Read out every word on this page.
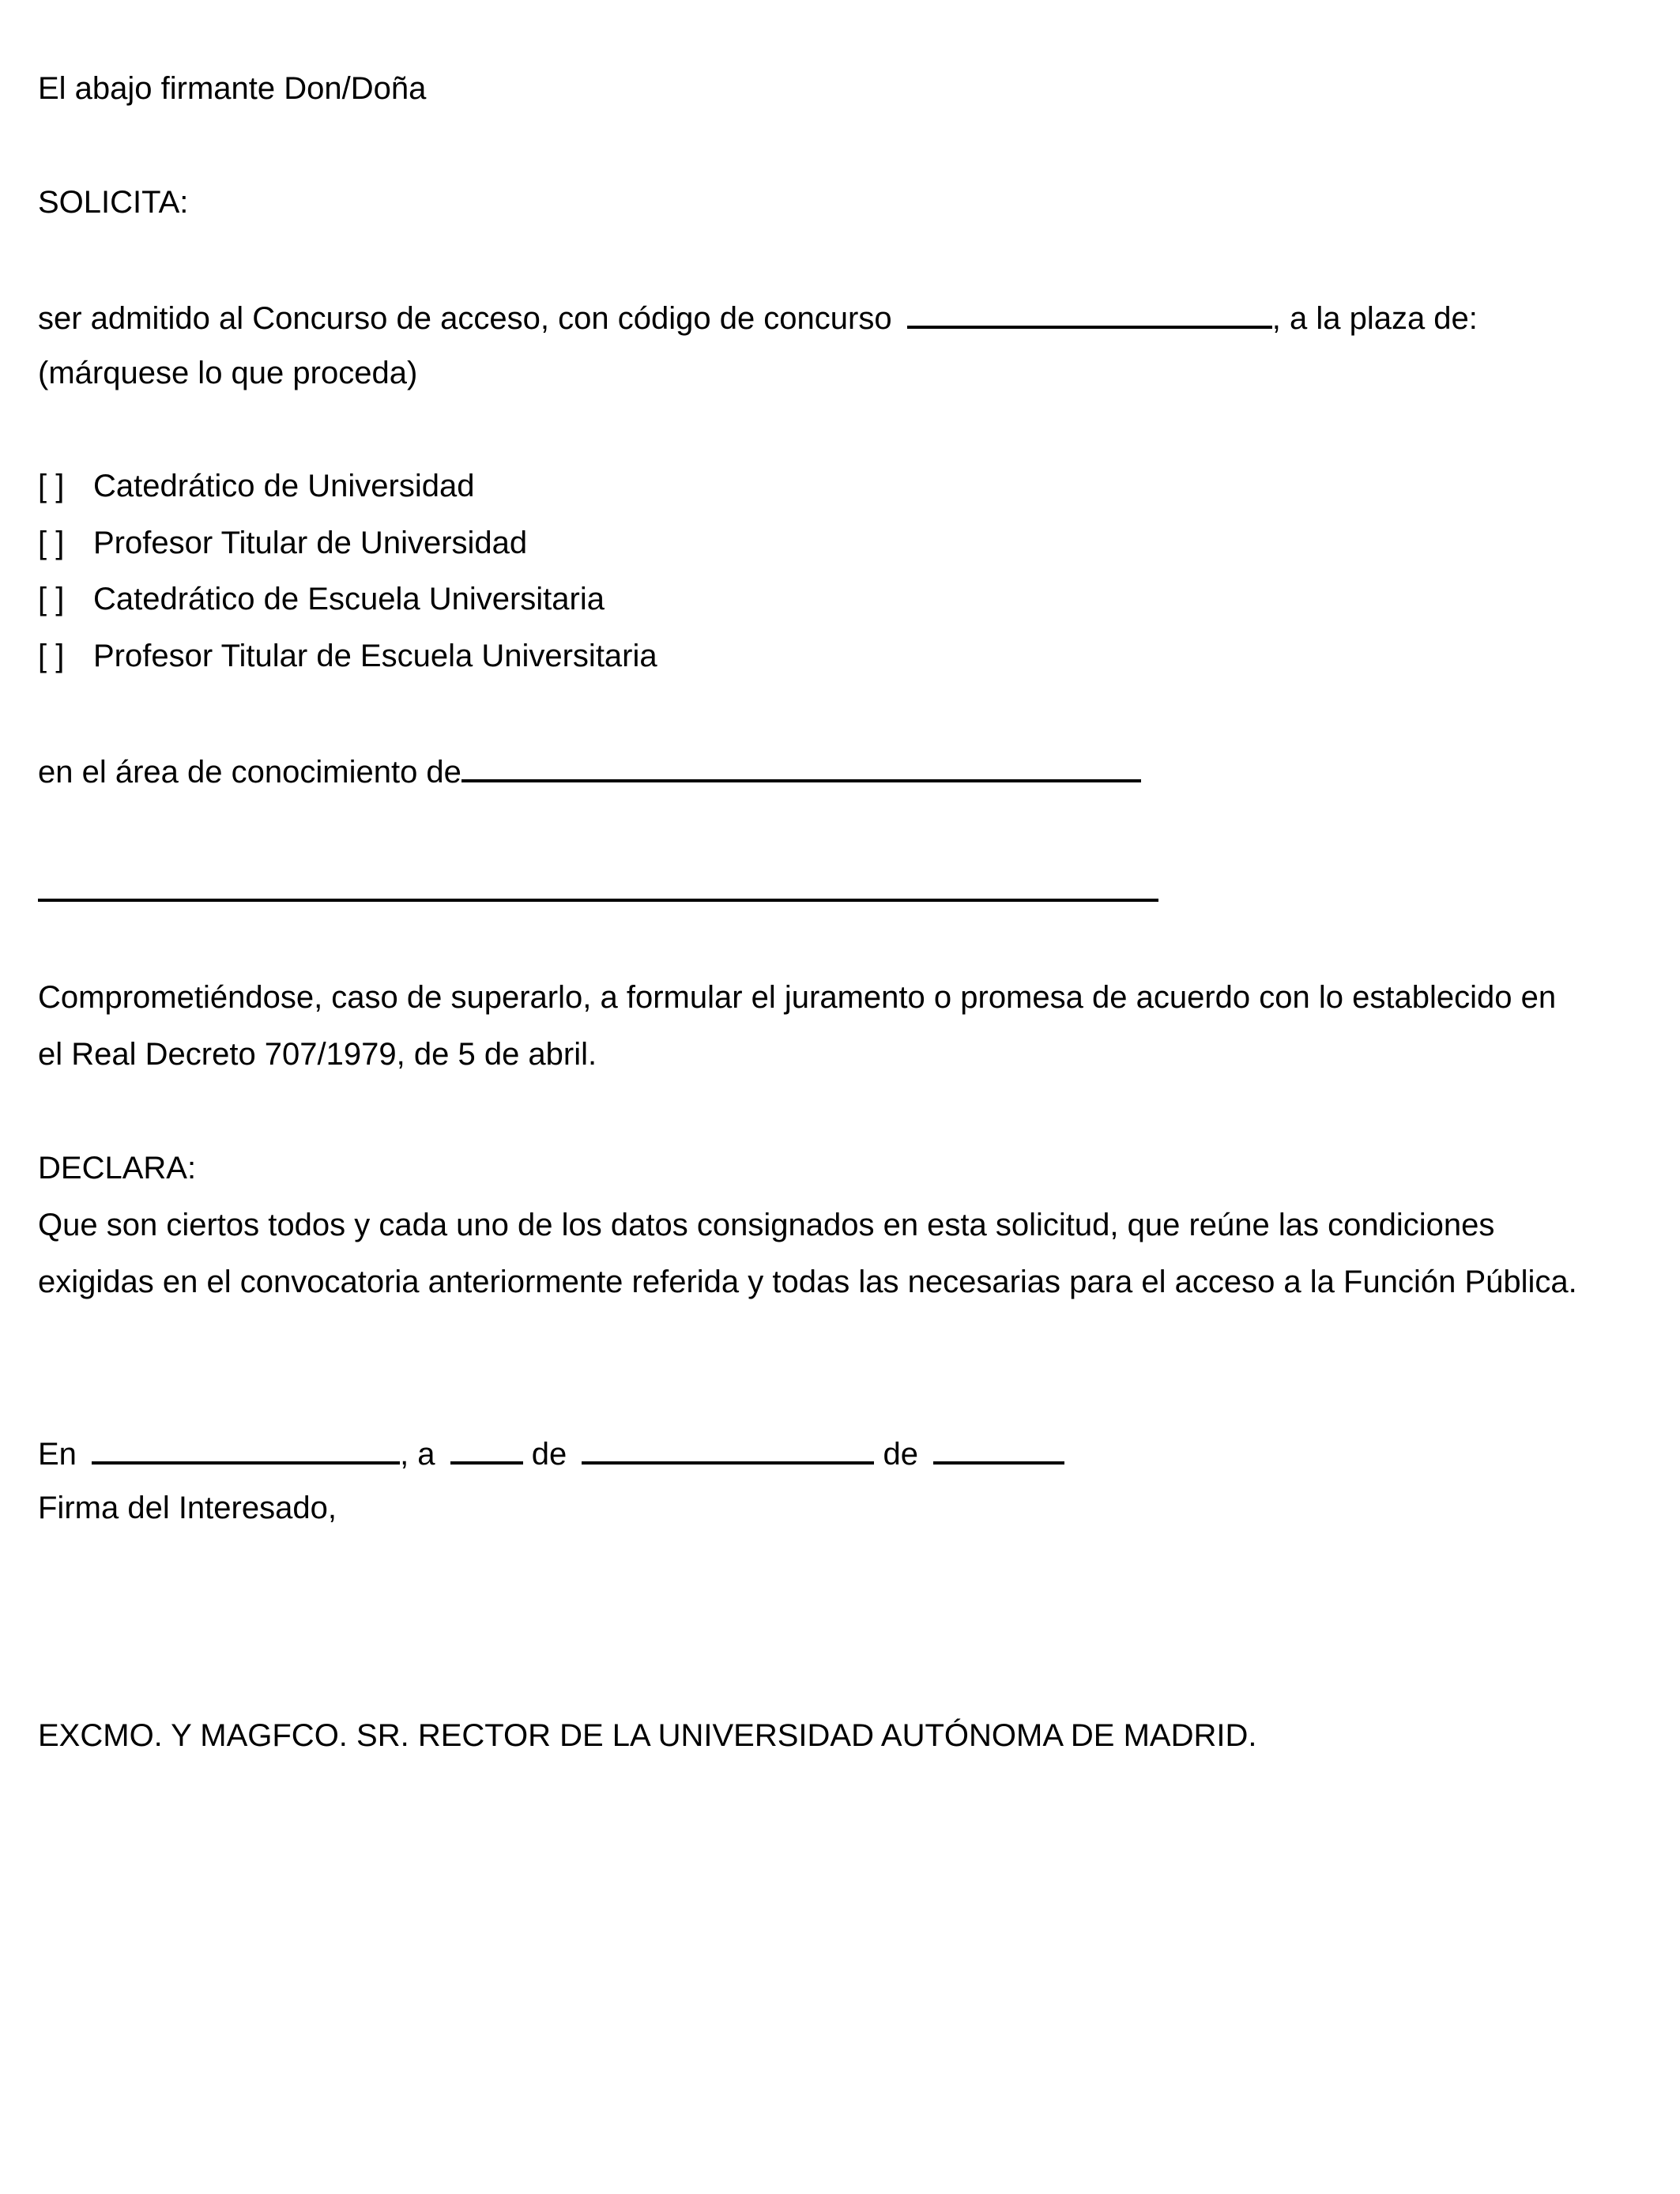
El abajo firmante Don/Doña
SOLICITA:
ser admitido al Concurso de acceso, con código de concurso	, a la plaza de:
(márquese lo que proceda)
[ ] Catedrático de Universidad
[ ] Profesor Titular de Universidad
[ ] Catedrático de Escuela Universitaria
[ ] Profesor Titular de Escuela Universitaria
en el área de conocimiento de
Comprometiéndose, caso de superarlo, a formular el juramento o promesa de acuerdo con lo establecido en
el Real Decreto 707/1979, de 5 de abril.
DECLARA:
Que son ciertos todos y cada uno de los datos consignados en esta solicitud, que reúne las condiciones
exigidas en el convocatoria anteriormente referida y todas las necesarias para el acceso a la Función Pública.
En	, a	de	de
Firma del Interesado,
EXCMO. Y MAGFCO. SR. RECTOR DE LA UNIVERSIDAD AUTÓNOMA DE MADRID.
